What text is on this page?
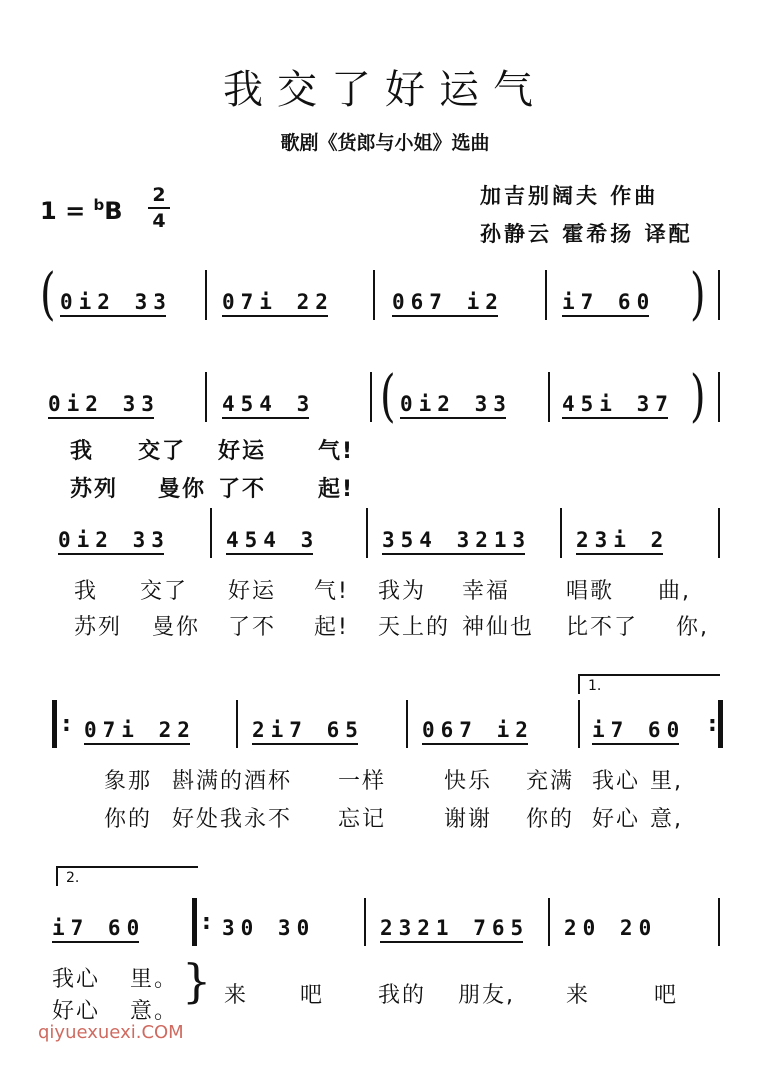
我交了好运气
歌剧《货郎与小姐》选曲
1 = $^b$B
2
4
加吉别阔夫 作曲
孙静云 霍希扬 译配
( 0i2 33 07i 22	067 i2	i7 60 )
0i2 33	454 3 ( 0i2 33 45i 37 )
我 交了 好运 气!
苏列 曼你 了不 起!
0i2 33	454 3	354 3213 23i 2
我 交了 好运 气! 我为 幸福	唱歌 曲,
苏列 曼你 了不 起! 天上的 神仙也 比不了 你,
1.
: 07i 22	2i7 65	067 i2	i7 60 :
象那 斟满的酒杯 一样	快乐 充满 我心 里,
你的 好处我永不 忘记	谢谢 你的 好心 意,
2.
i7 60	: 30 30	2321 765 20 20
我心 里。
好心 意。
} 来 吧 我的 朋友, 来	吧
qiyuexuexi.COM
